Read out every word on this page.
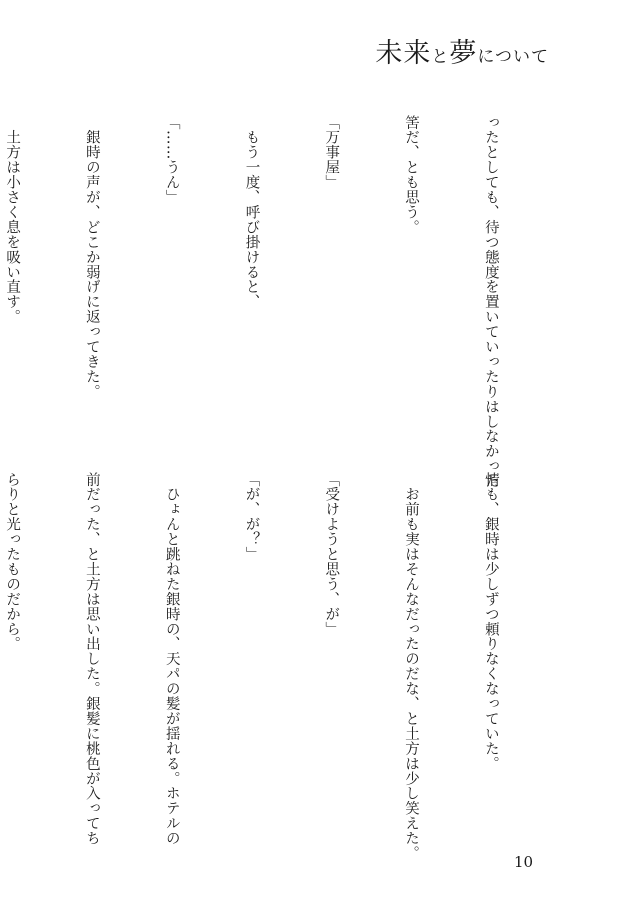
未来と夢について

ったとしても、待つ態度を置いていったりはしなかった

筈だ、とも思う。

「万事屋」

　もう一度、呼び掛けると、

「……うん」

　銀時の声が、どこか弱げに返ってきた。

　土方は小さく息を吸い直す。

情も、銀時は少しずつ頼りなくなっていた。

　お前も実はそんなだったのだな、と土方は少し笑えた。

「受けようと思う、が」

「が、が？」

　ひょんと跳ねた銀時の、天パの髪が揺れる。ホテルの

前だった、と土方は思い出した。銀髪に桃色が入ってち

らりと光ったものだから。

10
